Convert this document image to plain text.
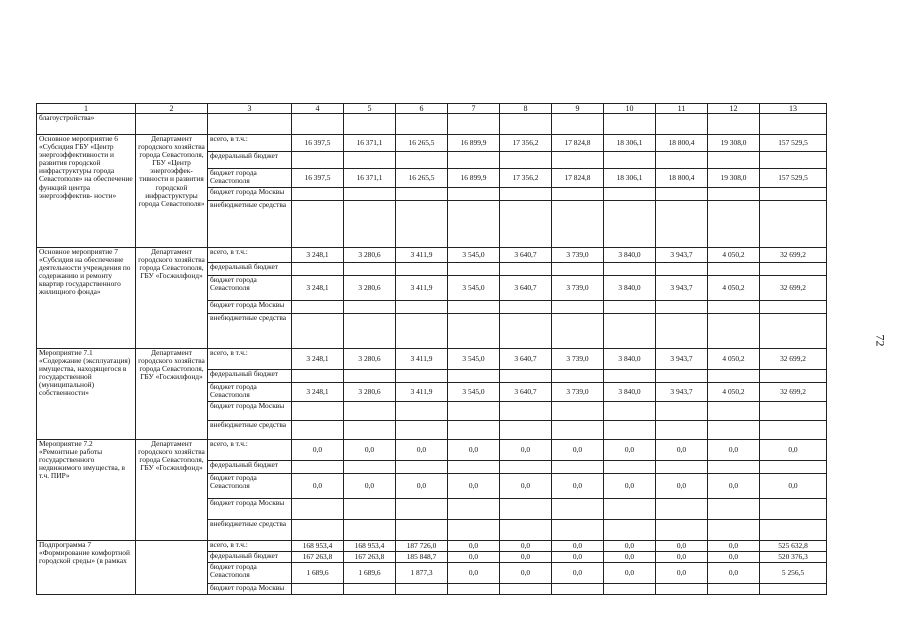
1	2	3	4	5	6	7	8	9	10	11	12	13
благоустройства»												
Основное мероприятие 6 «Субсидия ГБУ «Центр энергоэффективности и развития городской инфраструктуры города Севастополя» на обеспечение функций центра энергоэффектив- ности»	Департамент городского хозяйства города Севастополя, ГБУ «Центр энергоэффек- тивности и развития городской инфраструктуры города Севастополя»	всего, в т.ч.:	16 397,5	16 371,1	16 265,5	16 899,9	17 356,2	17 824,8	18 306,1	18 800,4	19 308,0	157 529,5
		федеральный бюджет										
		бюджет города Севастополя	16 397,5	16 371,1	16 265,5	16 899,9	17 356,2	17 824,8	18 306,1	18 800,4	19 308,0	157 529,5
		бюджет города Москвы										
		внебюджетные средства										
Основное мероприятие 7 «Субсидия на обеспечение деятельности учреждения по содержанию и ремонту квартир государственного жилищного фонда»	Департамент городского хозяйства города Севастополя, ГБУ «Госжилфонд»	всего, в т.ч.:	3 248,1	3 280,6	3 411,9	3 545,0	3 640,7	3 739,0	3 840,0	3 943,7	4 050,2	32 699,2
		федеральный бюджет										
		бюджет города Севастополя	3 248,1	3 280,6	3 411,9	3 545,0	3 640,7	3 739,0	3 840,0	3 943,7	4 050,2	32 699,2
		бюджет города Москвы										
		внебюджетные средства										
Мероприятие 7.1 «Содержание (эксплуатация) имущества, находящегося в государственной (муниципальной) собственности»	Департамент городского хозяйства города Севастополя, ГБУ «Госжилфонд»	всего, в т.ч.:	3 248,1	3 280,6	3 411,9	3 545,0	3 640,7	3 739,0	3 840,0	3 943,7	4 050,2	32 699,2
		федеральный бюджет										
		бюджет города Севастополя	3 248,1	3 280,6	3 411,9	3 545,0	3 640,7	3 739,0	3 840,0	3 943,7	4 050,2	32 699,2
		бюджет города Москвы										
		внебюджетные средства										
Мероприятие 7.2 «Ремонтные работы государственного недвижимого имущества, в т.ч. ПИР»	Департамент городского хозяйства города Севастополя, ГБУ «Госжилфонд»	всего, в т.ч.:	0,0	0,0	0,0	0,0	0,0	0,0	0,0	0,0	0,0	0,0
		федеральный бюджет										
		бюджет города Севастополя	0,0	0,0	0,0	0,0	0,0	0,0	0,0	0,0	0,0	0,0
		бюджет города Москвы										
		внебюджетные средства										
Подпрограмма 7 «Формирование комфортной городской среды» (в рамках		всего, в т.ч.:	168 953,4	168 953,4	187 726,0	0,0	0,0	0,0	0,0	0,0	0,0	525 632,8
		федеральный бюджет	167 263,8	167 263,8	185 848,7	0,0	0,0	0,0	0,0	0,0	0,0	520 376,3
		бюджет города Севастополя	1 689,6	1 689,6	1 877,3	0,0	0,0	0,0	0,0	0,0	0,0	5 256,5
		бюджет города Москвы										
72
